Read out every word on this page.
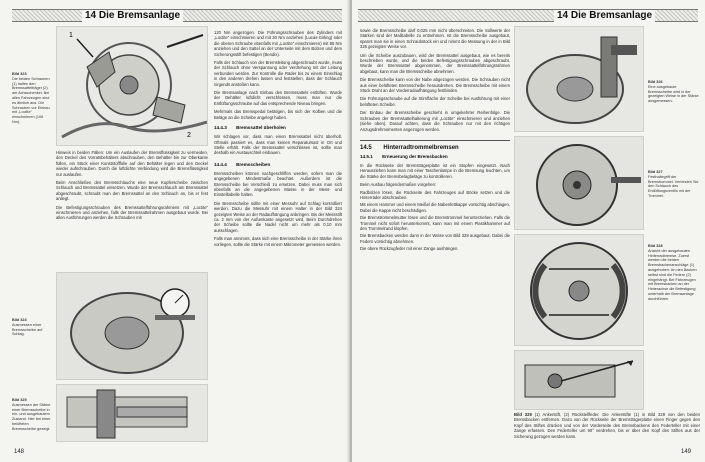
14 Die Bremsanlage
Bild 323
Die beiden Schrauben (1) halten den Bremssattelträger (2) am Achsschenkel. Bei allen Fahrzeugen sind es ähnlich aus. Die Schrauben vor Einbau mit „Loctite“ einschmieren (106 Nm).
Bild 324
Ausmessen einer Bremsscheibe auf Schlag.
Bild 325
Ausmessen der Stärke einer Bremsscheibe in ein- und ausgebautem Zustand. Hier bei einer belüfteten Bremsscheibe gezeigt.
1
2

Hinweis in beiden Fällen: Um ein Auslaufen der Bremsflüssigkeit zu vermeiden, den Deckel des Vorratsbehälters abschrauben, den Behälter bis zur Oberkante füllen, ein Stück einer Kunststofffolie auf den Behälter legen und den Deckel wieder aufschrauben. Durch die luftdichte Verbindung wird die Bremsflüssigkeit nur auslaufen.

Beim Anschließen des Bremsschlauchs eine neue Kupferscheibe zwischen Schlauch und Bremssattel einsetzen. Wurde der Bremsschlauch am Bremssattel abgeschraubt, schraubt man den Bremssattel an den Schlauch an, bis er fest anliegt.

Die Befestigungsschrauben des Bremssattelführungsrahmens mit „Loctite“ einschmieren und anziehen, falls der Bremssattelrahmen ausgebaut wurde. Bei allen Ausführungen werden die Schrauben mit

120 Nm angezogen. Die Führungsschrauben des Zylinders mit „Loctite“ einschmieren und mit 30 Nm anziehen (Lucas-Girling) oder die oberen Schraube ebenfalls mit „Loctite“ einschmieren) mit 85 Nm anziehen und den Sattel an der Unterseite mit dem Bolzen und dem Sicherungsstift befestigen (Bendix).

Falls der Schlauch von der Bremsleitung abgeschraubt wurde, muss der Schlauch ohne Verspannung oder Verdrehung mit der Leitung verbunden werden. Zur Kontrolle die Räder bis zu einem Einschlag in den anderen drehen lassen und feststellen, dass der Schlauch nirgends anstoßen kann.

Die Bremsanlage nach Einbau des Bremssattels entlüften. Wurde der Behälter luftdicht verschlossen, muss man nur die Entlüftungsschraube auf das entsprechende Niveau bringen.

Mehrmals das Bremspedal betätigen, bis sich der Kolben und die Beläge an die Scheibe angelegt haben.

14.4.3 Bremssattel überholen

Wir schlagen vor, dass man einen Bremssattel nicht überholt. Oftmals passiert es, dass man keinen Reparatursatz in Ort und Stelle erhält. Falls der Bremssattel verschlissen ist, sollte man deshalb ein Austauschteil einbauen.

14.4.4 Bremsscheiben

Bremsscheiben können nachgeschliffen werden, sofern man die angegebenen Mindestmaße beachtet. Außerdem ist die Bremsscheibe bei Verschleiß zu ersetzen. Dabei muss man sich ebenfalls an die angegebenen Masse in der Mess- und Einstelltabelle halten.

Die Bremsscheibe sollte mit einer Messuhr auf Schlag kontrolliert werden. Dazu die Messuhr mit einem Halter in der Bild 324 gezeigten Weise an der Radaufhängung anbringen. Bis der Messstift ca. 2 mm von der Außenkante angesetzt wird, Beim Durchdrehen der Scheibe sollte die Nadel nicht um mehr als 0,10 mm ausschlagen.

Falls man annimmt, dass sich eine Bremsscheibe in der Stärke ihren vorliegen, sollte die Stärke mit einem Mikrometer gemessen werden.

148
14 Die Bremsanlage

sowie die Bremsscheibe darf 0,025 mm nicht überschreiten. Die Sollwerte der Stärken sind der Maßtabelle zu entnehmen. Ist die Bremsscheibe ausgebaut, spannt man sie in einen Schraubstock ein und nimmt die Messung in der in Bild 326 gezeigten Weise vor.

Um die Scheibe auszubauen, wird der Bremssattel ausgebaut, wie es bereits beschrieben wurde, und die beiden Befestigungsschrauben abgeschraubt. Wurde der Bremssattel abgenommen, der Bremssattelführungsrahmen abgebaut, kann man die Bremsscheibe abnehmen.

Die Bremsscheibe kann von der Nabe abgezogen werden. Die Schrauben nicht aus einer belüfteten Bremsscheibe herausdrehen. Die Bremsscheibe mit einem Stück Draht an der Vorderradaufhängung festbinden.

Die Führungsschraube auf die Stirnfläche der Scheibe bei Ausführung mit einer belüfteten Scheibe.

Der Einbau der Bremsscheibe geschieht in umgekehrter Reihenfolge. Die Schrauben der Bremssattelhalterung mit „Loctite“ einschmieren und anziehen (siehe oben). Darauf achten, dass die Schrauben nur mit den richtigen Anzugsdrehmomenten angezogen werden.

14.5 Hinterradtrommelbremsen
14.5.1 Erneuerung der Bremsbacken

In die Rückseite der Bremsträgerplatte ist ein Stopfen eingesetzt. Nach Herausziehen kann man mit einer Taschenlampe in die Bremsung leuchten, um die Stärke der Bremsbelagbeläge zu kontrollieren.

Beim Ausbau folgendermaßen vorgehen:

Radbolzen lösen, die Rückseite des Fahrzeuges auf Böcke setzen und die Hinterräder abschrauben.

Mit einem Hammer und einem Meißel die Nabenfettkappe vorsichtig abschlagen. Dabei die Kappe nicht beschädigen.

Die Bremstrommelmutter lösen und die Bremstrommel herunterziehen. Falls die Trommel nicht sofort herunterkommt, kann man mit einem Plastikhammer auf den Trommelrand klopfen.

Die Bremsbacken werden dann in der Weise von Bild 328 ausgebaut. Dabei die Federn vorsichtig abnehmen.

Die obere Rückzugfeder mit einer Zange aushängen.

Bild 326
Eine ausgebaute Bremsscheibe wird in der gezeigten Weise in der Stärke ausgemessen.
Bild 327
Festhaltegriff der Bremstrommel: Verbinden Sie den Schlauch des Entlüftungsventils mit der Trommel.
Bild 328
Ansicht der ausgebauten Hinterradbremse. Zuerst werden die beiden Bremsbackenanschläge (1) ausgehoben. An den Backen selbst sind die Federn (2) eingehängt. Bei Fahrzeugen mit Bremsbacken an der Hinterachse die Befestigung unterhalb der Bremsanlage durchführen.

Bild 329 (1) Ankerstift, (2) Rückstellfeder. Die Ankerstifte (1) in Bild 329 von den beiden Bremsbacken entfernen. Dazu von der Rückseite der Bremsträgerplatte einen Finger gegen den Kopf des Stiftes drücken und von der Vorderseite des Bremsbackens den Federteller mit einer Zange erfassen. Den Federteller um 90° verdrehen, bis er über den Kopf des Stiftes aus der Sicherung gezogen werden kann.

149
